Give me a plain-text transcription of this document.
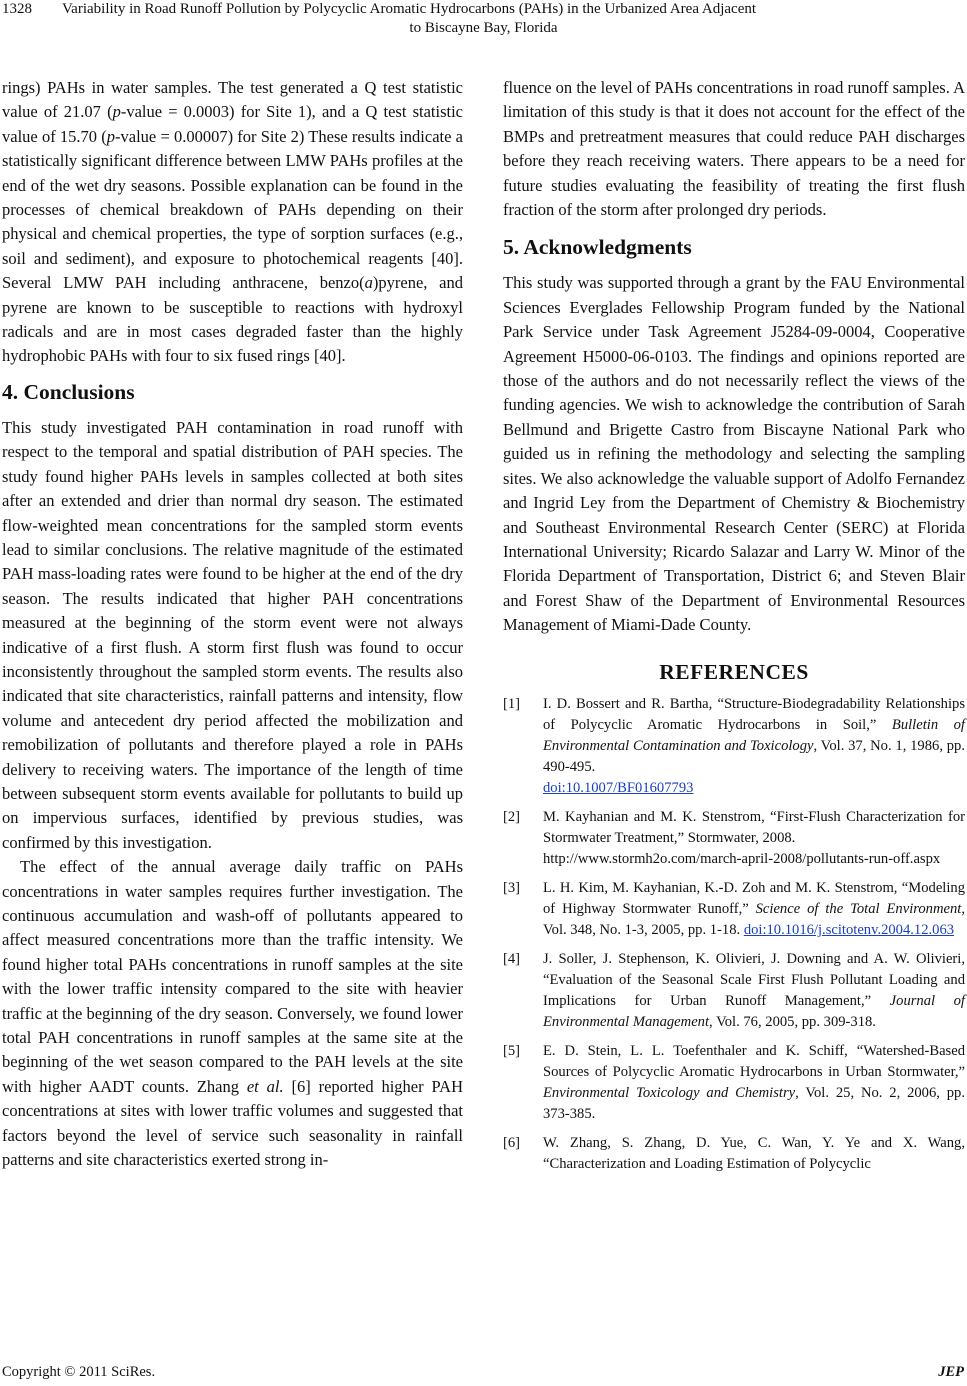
1328 Variability in Road Runoff Pollution by Polycyclic Aromatic Hydrocarbons (PAHs) in the Urbanized Area Adjacent
to Biscayne Bay, Florida

rings) PAHs in water samples. The test generated a Q test statistic value of 21.07 (p-value = 0.0003) for Site 1), and a Q test statistic value of 15.70 (p-value = 0.00007) for Site 2) These results indicate a statistically significant difference between LMW PAHs profiles at the end of the wet dry seasons. Possible explanation can be found in the processes of chemical breakdown of PAHs depending on their physical and chemical properties, the type of sorption surfaces (e.g., soil and sediment), and exposure to photochemical reagents [40]. Several LMW PAH including anthracene, benzo(a)pyrene, and pyrene are known to be susceptible to reactions with hydroxyl radicals and are in most cases degraded faster than the highly hydrophobic PAHs with four to six fused rings [40].

4. Conclusions

This study investigated PAH contamination in road runoff with respect to the temporal and spatial distribution of PAH species. The study found higher PAHs levels in samples collected at both sites after an extended and drier than normal dry season. The estimated flow-weighted mean concentrations for the sampled storm events lead to similar conclusions. The relative magnitude of the estimated PAH mass-loading rates were found to be higher at the end of the dry season. The results indicated that higher PAH concentrations measured at the beginning of the storm event were not always indicative of a first flush. A storm first flush was found to occur inconsistently throughout the sampled storm events. The results also indicated that site characteristics, rainfall patterns and intensity, flow volume and antecedent dry period affected the mobilization and remobilization of pollutants and therefore played a role in PAHs delivery to receiving waters. The importance of the length of time between subsequent storm events available for pollutants to build up on impervious surfaces, identified by previous studies, was confirmed by this investigation.

The effect of the annual average daily traffic on PAHs concentrations in water samples requires further investigation. The continuous accumulation and wash-off of pollutants appeared to affect measured concentrations more than the traffic intensity. We found higher total PAHs concentrations in runoff samples at the site with the lower traffic intensity compared to the site with heavier traffic at the beginning of the dry season. Conversely, we found lower total PAH concentrations in runoff samples at the same site at the beginning of the wet season compared to the PAH levels at the site with higher AADT counts. Zhang et al. [6] reported higher PAH concentrations at sites with lower traffic volumes and suggested that factors beyond the level of service such seasonality in rainfall patterns and site characteristics exerted strong in-

fluence on the level of PAHs concentrations in road runoff samples. A limitation of this study is that it does not account for the effect of the BMPs and pretreatment measures that could reduce PAH discharges before they reach receiving waters. There appears to be a need for future studies evaluating the feasibility of treating the first flush fraction of the storm after prolonged dry periods.

5. Acknowledgments

This study was supported through a grant by the FAU Environmental Sciences Everglades Fellowship Program funded by the National Park Service under Task Agreement J5284-09-0004, Cooperative Agreement H5000-06-0103. The findings and opinions reported are those of the authors and do not necessarily reflect the views of the funding agencies. We wish to acknowledge the contribution of Sarah Bellmund and Brigette Castro from Biscayne National Park who guided us in refining the methodology and selecting the sampling sites. We also acknowledge the valuable support of Adolfo Fernandez and Ingrid Ley from the Department of Chemistry & Biochemistry and Southeast Environmental Research Center (SERC) at Florida International University; Ricardo Salazar and Larry W. Minor of the Florida Department of Transportation, District 6; and Steven Blair and Forest Shaw of the Department of Environmental Resources Management of Miami-Dade County.

REFERENCES
[1] I. D. Bossert and R. Bartha, “Structure-Biodegradability Relationships of Polycyclic Aromatic Hydrocarbons in Soil,” Bulletin of Environmental Contamination and Toxicology, Vol. 37, No. 1, 1986, pp. 490-495.
doi:10.1007/BF01607793
[2] M. Kayhanian and M. K. Stenstrom, “First-Flush Characterization for Stormwater Treatment,” Stormwater, 2008.
http://www.stormh2o.com/march-april-2008/pollutants-run-off.aspx
[3] L. H. Kim, M. Kayhanian, K.-D. Zoh and M. K. Stenstrom, “Modeling of Highway Stormwater Runoff,” Science of the Total Environment, Vol. 348, No. 1-3, 2005, pp. 1-18. doi:10.1016/j.scitotenv.2004.12.063
[4] J. Soller, J. Stephenson, K. Olivieri, J. Downing and A. W. Olivieri, “Evaluation of the Seasonal Scale First Flush Pollutant Loading and Implications for Urban Runoff Management,” Journal of Environmental Management, Vol. 76, 2005, pp. 309-318.
[5] E. D. Stein, L. L. Toefenthaler and K. Schiff, “Watershed-Based Sources of Polycyclic Aromatic Hydrocarbons in Urban Stormwater,” Environmental Toxicology and Chemistry, Vol. 25, No. 2, 2006, pp. 373-385.
[6] W. Zhang, S. Zhang, D. Yue, C. Wan, Y. Ye and X. Wang, “Characterization and Loading Estimation of Polycyclic
Copyright © 2011 SciRes.	JEP
